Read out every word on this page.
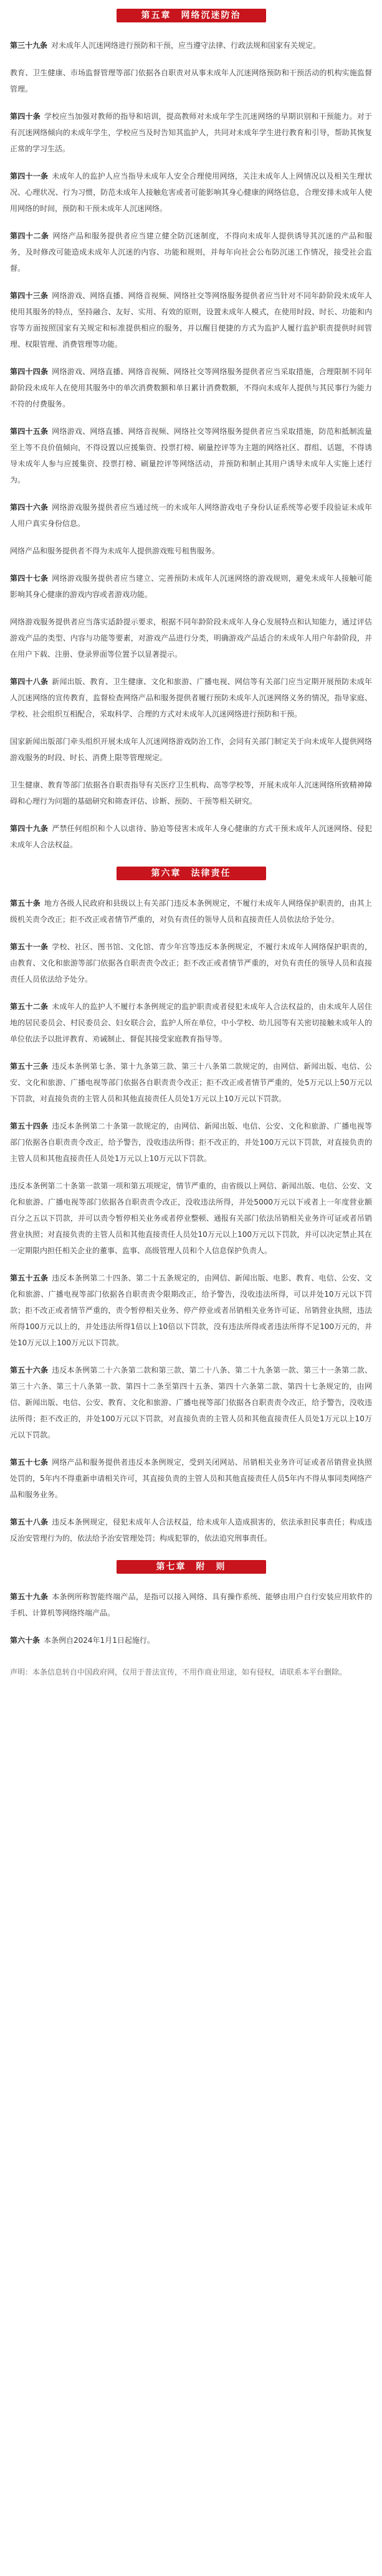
第五章　网络沉迷防治

第三十九条 对未成年人沉迷网络进行预防和干预，应当遵守法律、行政法规和国家有关规定。

教育、卫生健康、市场监督管理等部门依据各自职责对从事未成年人沉迷网络预防和干预活动的机构实施监督管理。

第四十条 学校应当加强对教师的指导和培训，提高教师对未成年学生沉迷网络的早期识别和干预能力。对于有沉迷网络倾向的未成年学生，学校应当及时告知其监护人，共同对未成年学生进行教育和引导，帮助其恢复正常的学习生活。

第四十一条 未成年人的监护人应当指导未成年人安全合理使用网络，关注未成年人上网情况以及相关生理状况、心理状况、行为习惯，防范未成年人接触危害或者可能影响其身心健康的网络信息，合理安排未成年人使用网络的时间，预防和干预未成年人沉迷网络。

第四十二条 网络产品和服务提供者应当建立健全防沉迷制度，不得向未成年人提供诱导其沉迷的产品和服务，及时修改可能造成未成年人沉迷的内容、功能和规则，并每年向社会公布防沉迷工作情况，接受社会监督。

第四十三条 网络游戏、网络直播、网络音视频、网络社交等网络服务提供者应当针对不同年龄阶段未成年人使用其服务的特点，坚持融合、友好、实用、有效的原则，设置未成年人模式，在使用时段、时长、功能和内容等方面按照国家有关规定和标准提供相应的服务，并以醒目便捷的方式为监护人履行监护职责提供时间管理、权限管理、消费管理等功能。

第四十四条 网络游戏、网络直播、网络音视频、网络社交等网络服务提供者应当采取措施，合理限制不同年龄阶段未成年人在使用其服务中的单次消费数额和单日累计消费数额，不得向未成年人提供与其民事行为能力不符的付费服务。

第四十五条 网络游戏、网络直播、网络音视频、网络社交等网络服务提供者应当采取措施，防范和抵制流量至上等不良价值倾向，不得设置以应援集资、投票打榜、刷量控评等为主题的网络社区、群组、话题，不得诱导未成年人参与应援集资、投票打榜、刷量控评等网络活动，并预防和制止其用户诱导未成年人实施上述行为。

第四十六条 网络游戏服务提供者应当通过统一的未成年人网络游戏电子身份认证系统等必要手段验证未成年人用户真实身份信息。

网络产品和服务提供者不得为未成年人提供游戏账号租售服务。

第四十七条 网络游戏服务提供者应当建立、完善预防未成年人沉迷网络的游戏规则，避免未成年人接触可能影响其身心健康的游戏内容或者游戏功能。

网络游戏服务提供者应当落实适龄提示要求，根据不同年龄阶段未成年人身心发展特点和认知能力，通过评估游戏产品的类型、内容与功能等要素，对游戏产品进行分类，明确游戏产品适合的未成年人用户年龄阶段，并在用户下载、注册、登录界面等位置予以显著提示。

第四十八条 新闻出版、教育、卫生健康、文化和旅游、广播电视、网信等有关部门应当定期开展预防未成年人沉迷网络的宣传教育，监督检查网络产品和服务提供者履行预防未成年人沉迷网络义务的情况，指导家庭、学校、社会组织互相配合，采取科学、合理的方式对未成年人沉迷网络进行预防和干预。

国家新闻出版部门牵头组织开展未成年人沉迷网络游戏防治工作，会同有关部门制定关于向未成年人提供网络游戏服务的时段、时长、消费上限等管理规定。

卫生健康、教育等部门依据各自职责指导有关医疗卫生机构、高等学校等，开展未成年人沉迷网络所致精神障碍和心理行为问题的基础研究和筛查评估、诊断、预防、干预等相关研究。

第四十九条 严禁任何组织和个人以虐待、胁迫等侵害未成年人身心健康的方式干预未成年人沉迷网络、侵犯未成年人合法权益。

第六章　法律责任

第五十条 地方各级人民政府和县级以上有关部门违反本条例规定，不履行未成年人网络保护职责的，由其上级机关责令改正；拒不改正或者情节严重的，对负有责任的领导人员和直接责任人员依法给予处分。

第五十一条 学校、社区、图书馆、文化馆、青少年宫等违反本条例规定，不履行未成年人网络保护职责的，由教育、文化和旅游等部门依据各自职责责令改正；拒不改正或者情节严重的，对负有责任的领导人员和直接责任人员依法给予处分。

第五十二条 未成年人的监护人不履行本条例规定的监护职责或者侵犯未成年人合法权益的，由未成年人居住地的居民委员会、村民委员会、妇女联合会，监护人所在单位，中小学校、幼儿园等有关密切接触未成年人的单位依法予以批评教育、劝诫制止、督促其接受家庭教育指导等。

第五十三条 违反本条例第七条、第十九条第三款、第三十八条第二款规定的，由网信、新闻出版、电信、公安、文化和旅游、广播电视等部门依据各自职责责令改正；拒不改正或者情节严重的，处5万元以上50万元以下罚款，对直接负责的主管人员和其他直接责任人员处1万元以上10万元以下罚款。

第五十四条 违反本条例第二十条第一款规定的，由网信、新闻出版、电信、公安、文化和旅游、广播电视等部门依据各自职责责令改正，给予警告，没收违法所得；拒不改正的，并处100万元以下罚款，对直接负责的主管人员和其他直接责任人员处1万元以上10万元以下罚款。

违反本条例第二十条第一款第一项和第五项规定，情节严重的，由省级以上网信、新闻出版、电信、公安、文化和旅游、广播电视等部门依据各自职责责令改正，没收违法所得，并处5000万元以下或者上一年度营业额百分之五以下罚款，并可以责令暂停相关业务或者停业整顿、通报有关部门依法吊销相关业务许可证或者吊销营业执照；对直接负责的主管人员和其他直接责任人员处10万元以上100万元以下罚款，并可以决定禁止其在一定期限内担任相关企业的董事、监事、高级管理人员和个人信息保护负责人。

第五十五条 违反本条例第二十四条、第二十五条规定的，由网信、新闻出版、电影、教育、电信、公安、文化和旅游、广播电视等部门依据各自职责责令限期改正，给予警告，没收违法所得，可以并处10万元以下罚款；拒不改正或者情节严重的，责令暂停相关业务、停产停业或者吊销相关业务许可证、吊销营业执照，违法所得100万元以上的，并处违法所得1倍以上10倍以下罚款，没有违法所得或者违法所得不足100万元的，并处10万元以上100万元以下罚款。

第五十六条 违反本条例第二十六条第二款和第三款、第二十八条、第二十九条第一款、第三十一条第二款、第三十六条、第三十八条第一款、第四十二条至第四十五条、第四十六条第二款、第四十七条规定的，由网信、新闻出版、电信、公安、教育、文化和旅游、广播电视等部门依据各自职责责令改正，给予警告，没收违法所得；拒不改正的，并处100万元以下罚款，对直接负责的主管人员和其他直接责任人员处1万元以上10万元以下罚款。

第五十七条 网络产品和服务提供者违反本条例规定，受到关闭网站、吊销相关业务许可证或者吊销营业执照处罚的，5年内不得重新申请相关许可，其直接负责的主管人员和其他直接责任人员5年内不得从事同类网络产品和服务业务。

第五十八条 违反本条例规定，侵犯未成年人合法权益，给未成年人造成损害的，依法承担民事责任；构成违反治安管理行为的，依法给予治安管理处罚；构成犯罪的，依法追究刑事责任。

第七章　附　则

第五十九条 本条例所称智能终端产品，是指可以接入网络、具有操作系统、能够由用户自行安装应用软件的手机、计算机等网络终端产品。

第六十条 本条例自2024年1月1日起施行。

声明：本条信息转自中国政府网，仅用于普法宣传，不用作商业用途，如有侵权，请联系本平台删除。
